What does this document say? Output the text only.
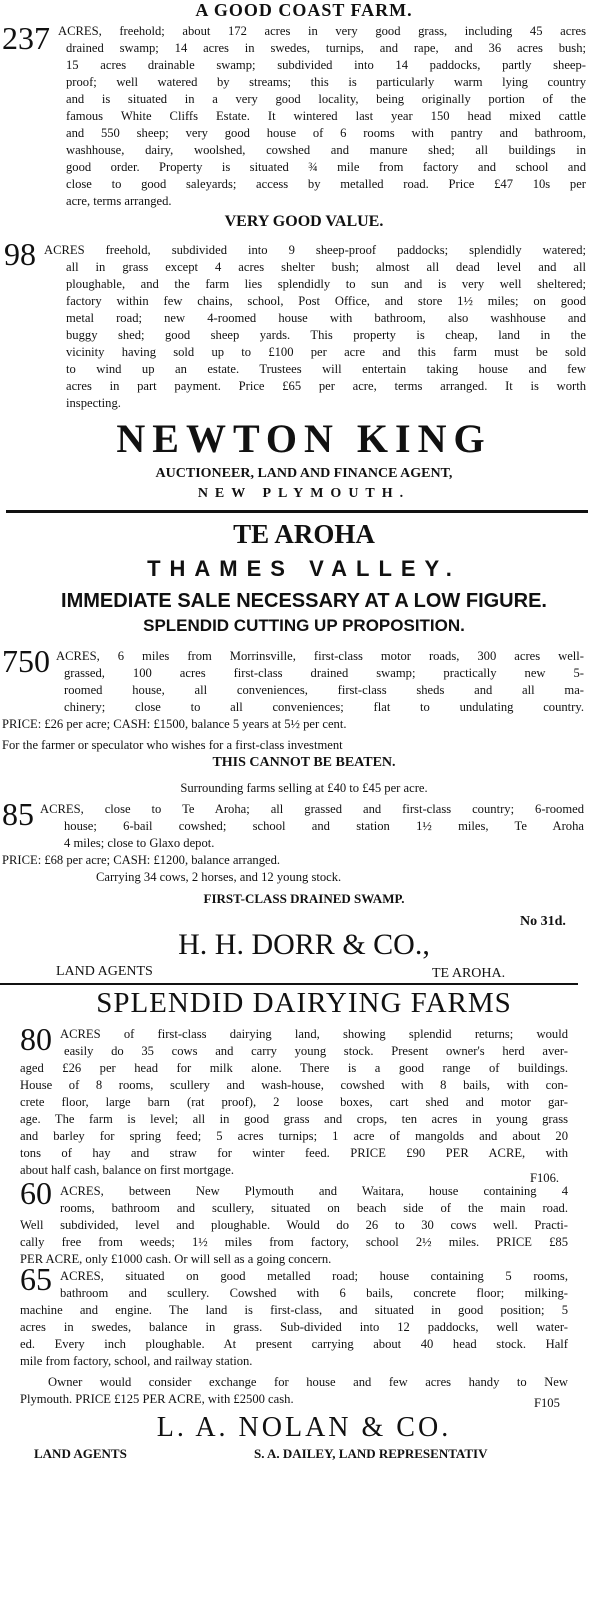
A GOOD COAST FARM.
237 ACRES, freehold; about 172 acres in very good grass, including 45 acres
drained swamp; 14 acres in swedes, turnips, and rape, and 36 acres bush;
15 acres drainable swamp; subdivided into 14 paddocks, partly sheep-
proof; well watered by streams; this is particularly warm lying country
and is situated in a very good locality, being originally portion of the
famous White Cliffs Estate. It wintered last year 150 head mixed cattle
and 550 sheep; very good house of 6 rooms with pantry and bathroom,
washhouse, dairy, woolshed, cowshed and manure shed; all buildings in
good order. Property is situated ¾ mile from factory and school and
close to good saleyards; access by metalled road. Price £47 10s per
acre, terms arranged.
VERY GOOD VALUE.
98 ACRES freehold, subdivided into 9 sheep-proof paddocks; splendidly watered;
all in grass except 4 acres shelter bush; almost all dead level and all
ploughable, and the farm lies splendidly to sun and is very well sheltered;
factory within few chains, school, Post Office, and store 1½ miles; on good
metal road; new 4-roomed house with bathroom, also washhouse and
buggy shed; good sheep yards. This property is cheap, land in the
vicinity having sold up to £100 per acre and this farm must be sold
to wind up an estate. Trustees will entertain taking house and few
acres in part payment. Price £65 per acre, terms arranged. It is worth
inspecting.
NEWTON KING
AUCTIONEER, LAND AND FINANCE AGENT,
NEW PLYMOUTH.
TE AROHA
THAMES VALLEY.
IMMEDIATE SALE NECESSARY AT A LOW FIGURE.
SPLENDID CUTTING UP PROPOSITION.
750 ACRES, 6 miles from Morrinsville, first-class motor roads, 300 acres well-
grassed, 100 acres first-class drained swamp; practically new 5-
roomed house, all conveniences, first-class sheds and all ma-
chinery; close to all conveniences; flat to undulating country.
PRICE: £26 per acre; CASH: £1500, balance 5 years at 5½ per cent.
For the farmer or speculator who wishes for a first-class investment
THIS CANNOT BE BEATEN.
Surrounding farms selling at £40 to £45 per acre.
85 ACRES, close to Te Aroha; all grassed and first-class country; 6-roomed
house; 6-bail cowshed; school and station 1½ miles, Te Aroha
4 miles; close to Glaxo depot.
PRICE: £68 per acre; CASH: £1200, balance arranged.
Carrying 34 cows, 2 horses, and 12 young stock.
FIRST-CLASS DRAINED SWAMP.
No 31d.
H. H. DORR & CO.,
LAND AGENTS	TE AROHA.
SPLENDID DAIRYING FARMS
80 ACRES of first-class dairying land, showing splendid returns; would
easily do 35 cows and carry young stock. Present owner's herd aver-
aged £26 per head for milk alone. There is a good range of buildings.
House of 8 rooms, scullery and wash-house, cowshed with 8 bails, with con-
crete floor, large barn (rat proof), 2 loose boxes, cart shed and motor gar-
age. The farm is level; all in good grass and crops, ten acres in young grass
and barley for spring feed; 5 acres turnips; 1 acre of mangolds and about 20
tons of hay and straw for winter feed. PRICE £90 PER ACRE, with
about half cash, balance on first mortgage.
F106.
60 ACRES, between New Plymouth and Waitara, house containing 4
rooms, bathroom and scullery, situated on beach side of the main road.
Well subdivided, level and ploughable. Would do 26 to 30 cows well. Practi-
cally free from weeds; 1½ miles from factory, school 2½ miles. PRICE £85
PER ACRE, only £1000 cash. Or will sell as a going concern.
65 ACRES, situated on good metalled road; house containing 5 rooms,
bathroom and scullery. Cowshed with 6 bails, concrete floor; milking-
machine and engine. The land is first-class, and situated in good position; 5
acres in swedes, balance in grass. Sub-divided into 12 paddocks, well water-
ed. Every inch ploughable. At present carrying about 40 head stock. Half
mile from factory, school, and railway station.
Owner would consider exchange for house and few acres handy to New
Plymouth. PRICE £125 PER ACRE, with £2500 cash.	F105
L. A. NOLAN & CO.
LAND AGENTS	S. A. DAILEY, LAND REPRESENTATIV
